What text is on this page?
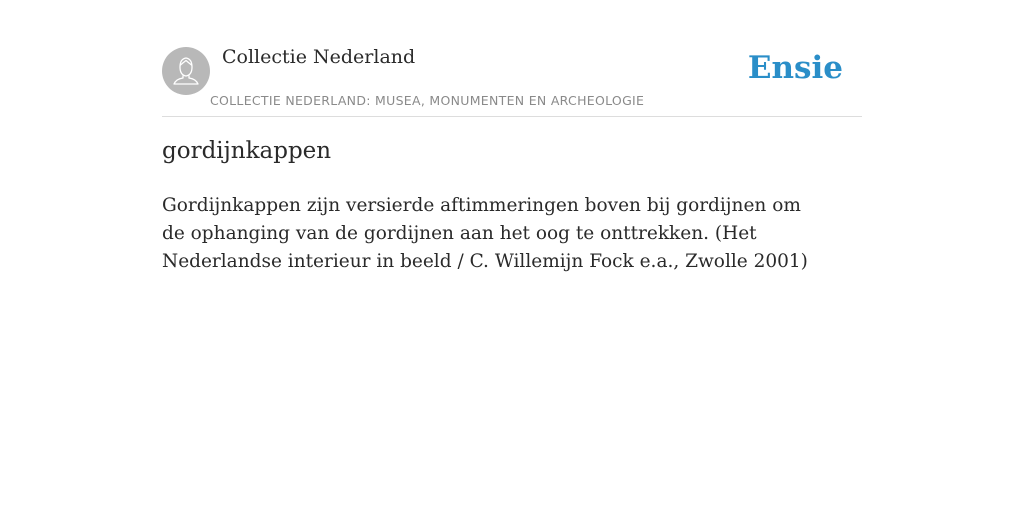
Collectie Nederland
COLLECTIE NEDERLAND: MUSEA, MONUMENTEN EN ARCHEOLOGIE
Ensie
gordijnkappen

Gordijnkappen zijn versierde aftimmeringen boven bij gordijnen om de ophanging van de gordijnen aan het oog te onttrekken. (Het Nederlandse interieur in beeld / C. Willemijn Fock e.a., Zwolle 2001)
